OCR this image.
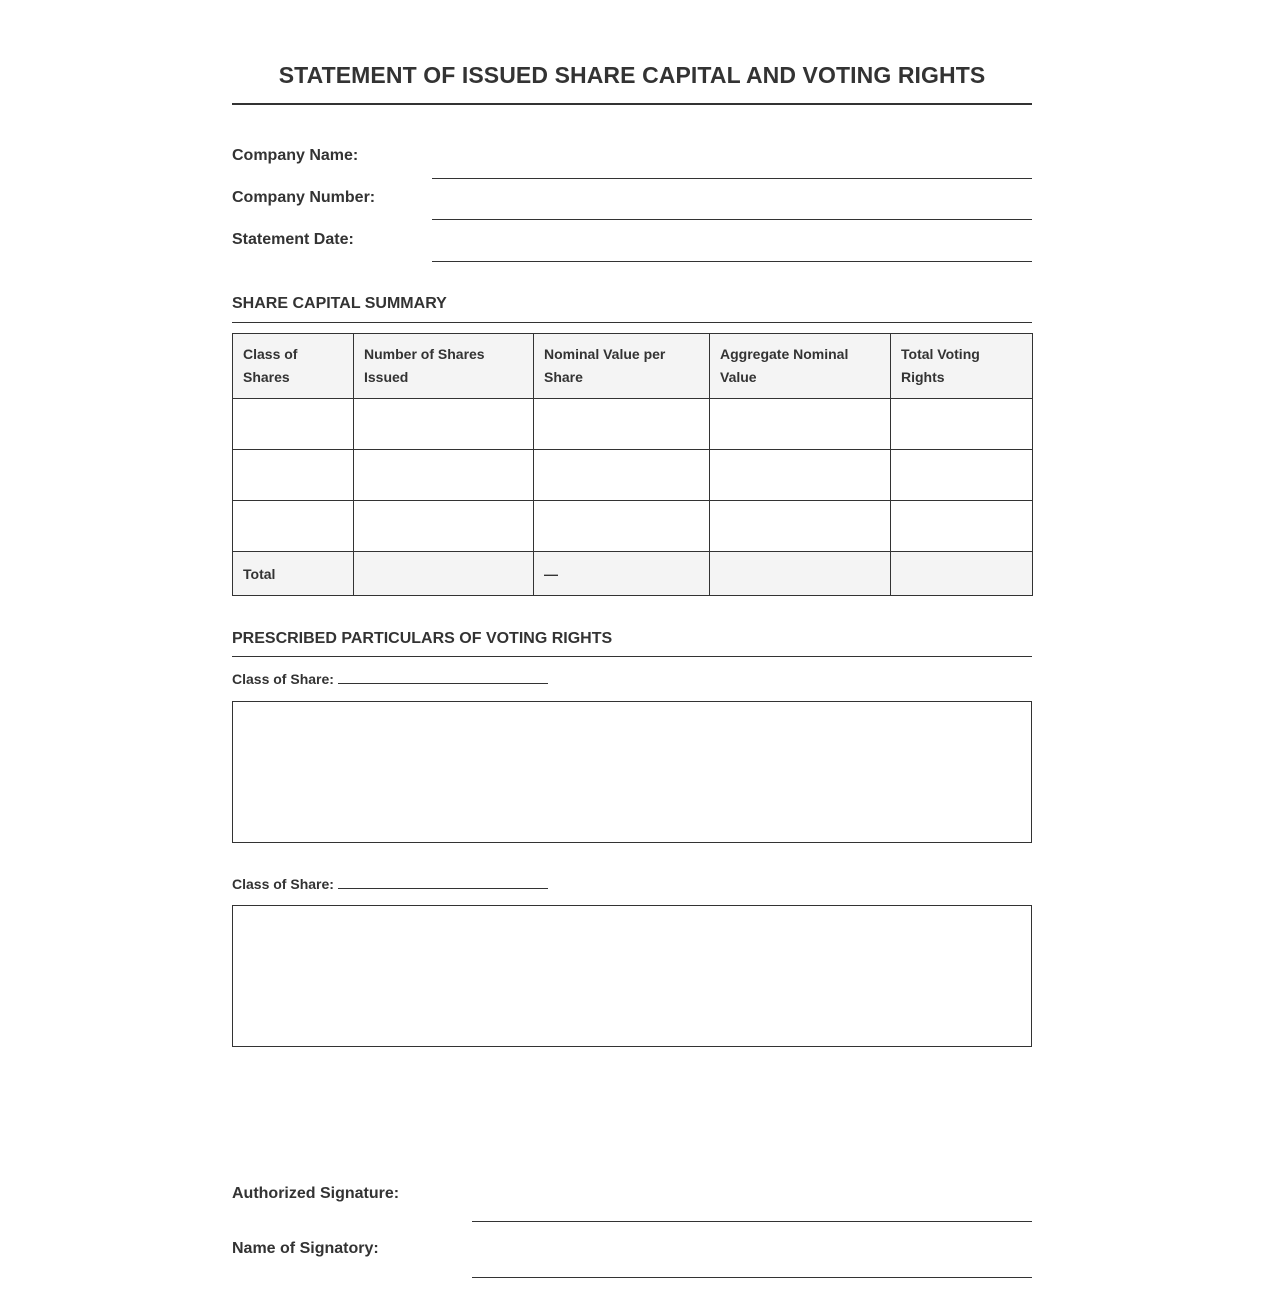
STATEMENT OF ISSUED SHARE CAPITAL AND VOTING RIGHTS
Company Name:
Company Number:
Statement Date:
SHARE CAPITAL SUMMARY
Class of Shares	Number of Shares Issued	Nominal Value per Share	Aggregate Nominal Value	Total Voting Rights

Total		—		
PRESCRIBED PARTICULARS OF VOTING RIGHTS
Class of Share:
Class of Share:
Authorized Signature:
Name of Signatory:
